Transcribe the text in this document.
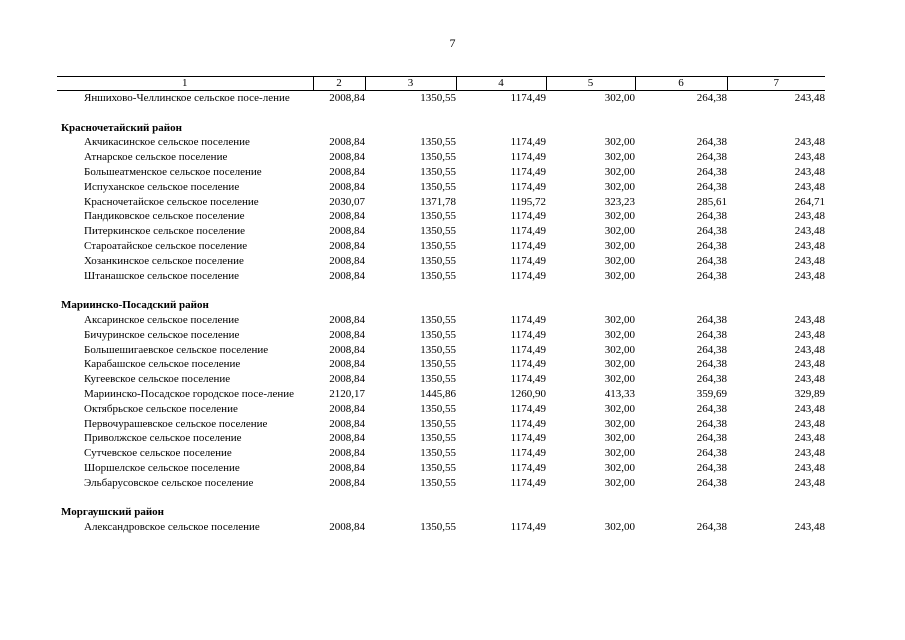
7
1	2	3	4	5	6	7
Яншихово-Челлинское сельское посе-ление	2008,84	1350,55	1174,49	302,00	264,38	243,48

Красночетайский район						
Акчикасинское сельское поселение	2008,84	1350,55	1174,49	302,00	264,38	243,48
Атнарское сельское поселение	2008,84	1350,55	1174,49	302,00	264,38	243,48
Большеатменское сельское поселение	2008,84	1350,55	1174,49	302,00	264,38	243,48
Испуханское сельское поселение	2008,84	1350,55	1174,49	302,00	264,38	243,48
Красночетайское сельское поселение	2030,07	1371,78	1195,72	323,23	285,61	264,71
Пандиковское сельское поселение	2008,84	1350,55	1174,49	302,00	264,38	243,48
Питеркинское сельское поселение	2008,84	1350,55	1174,49	302,00	264,38	243,48
Староатайское сельское поселение	2008,84	1350,55	1174,49	302,00	264,38	243,48
Хозанкинское сельское поселение	2008,84	1350,55	1174,49	302,00	264,38	243,48
Штанашское сельское поселение	2008,84	1350,55	1174,49	302,00	264,38	243,48

Мариинско-Посадский район						
Аксаринское сельское поселение	2008,84	1350,55	1174,49	302,00	264,38	243,48
Бичуринское сельское поселение	2008,84	1350,55	1174,49	302,00	264,38	243,48
Большешигаевское сельское поселение	2008,84	1350,55	1174,49	302,00	264,38	243,48
Карабашское сельское поселение	2008,84	1350,55	1174,49	302,00	264,38	243,48
Кугеевское сельское поселение	2008,84	1350,55	1174,49	302,00	264,38	243,48
Мариинско-Посадское городское посе-ление	2120,17	1445,86	1260,90	413,33	359,69	329,89
Октябрьское сельское поселение	2008,84	1350,55	1174,49	302,00	264,38	243,48
Первочурашевское сельское поселение	2008,84	1350,55	1174,49	302,00	264,38	243,48
Приволжское сельское поселение	2008,84	1350,55	1174,49	302,00	264,38	243,48
Сутчевское сельское поселение	2008,84	1350,55	1174,49	302,00	264,38	243,48
Шоршелское сельское поселение	2008,84	1350,55	1174,49	302,00	264,38	243,48
Эльбарусовское сельское поселение	2008,84	1350,55	1174,49	302,00	264,38	243,48

Моргаушский район						
Александровское сельское поселение	2008,84	1350,55	1174,49	302,00	264,38	243,48
